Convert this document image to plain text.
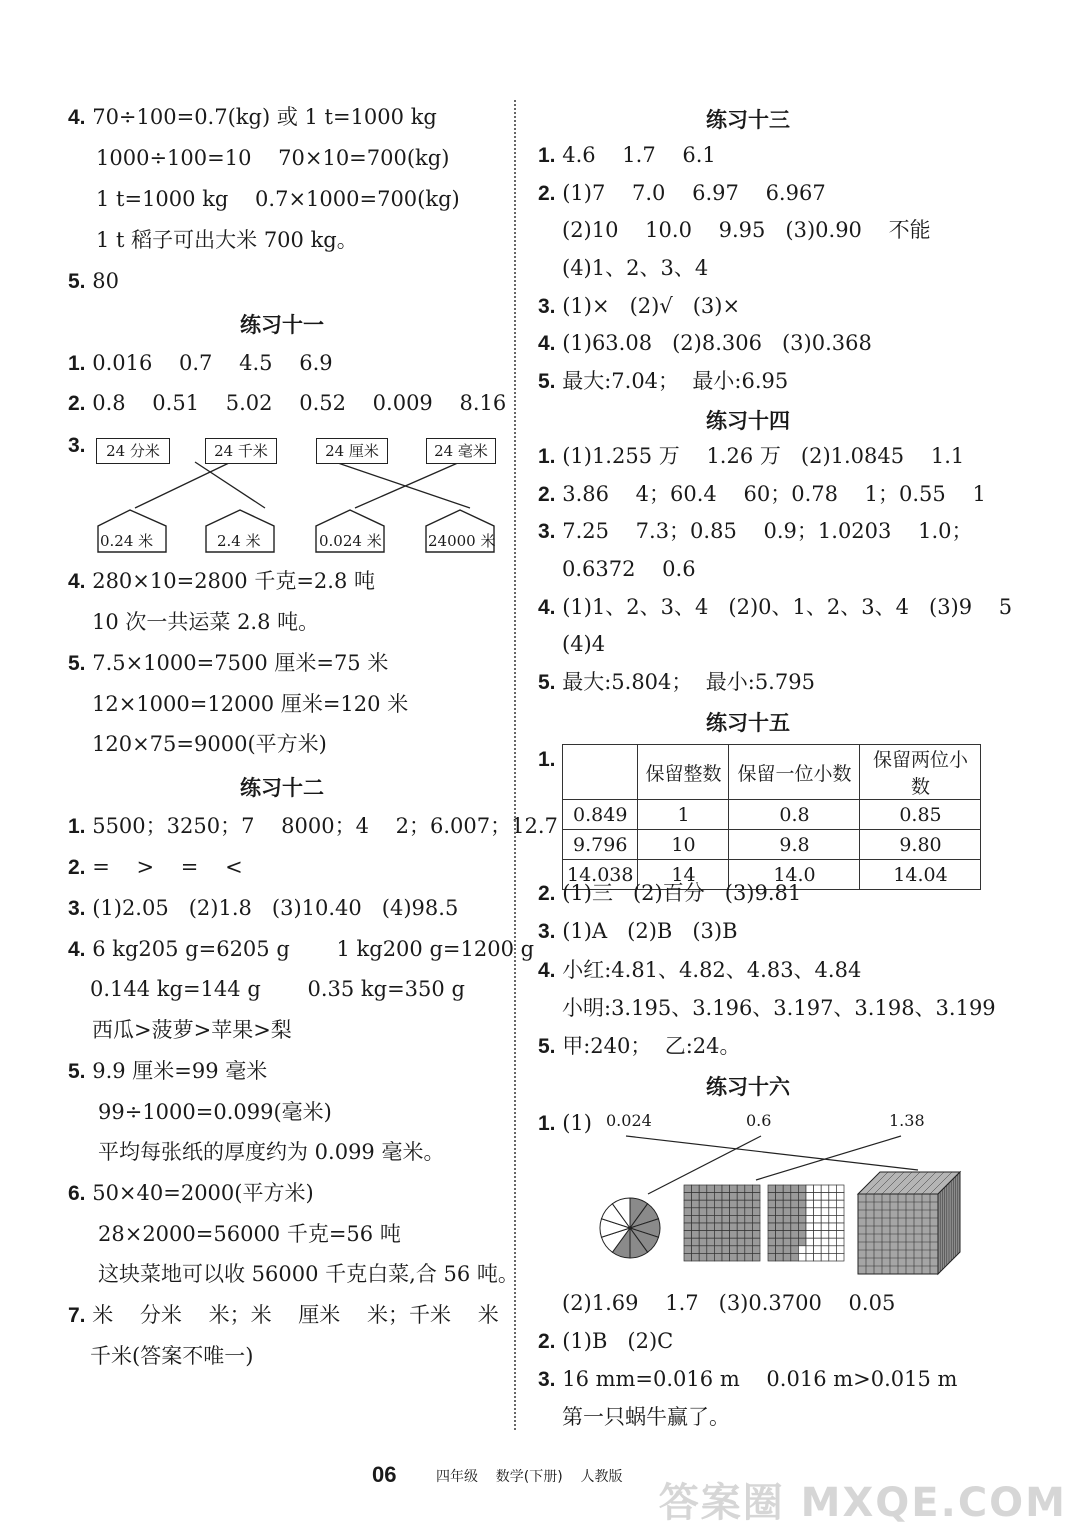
4. 70÷100=0.7(kg) 或 1 t=1000 kg
1000÷100=10    70×10=700(kg)
1 t=1000 kg    0.7×1000=700(kg)
1 t 稻子可出大米 700 kg。
5. 80
练习十一
1. 0.016    0.7    4.5    6.9
2. 0.8    0.51    5.02    0.52    0.009    8.16
3.	24 分米	24 千米	24 厘米	24 毫米
0.24 米	2.4 米	0.024 米	24000 米
4. 280×10=2800 千克=2.8 吨
10 次一共运菜 2.8 吨。
5. 7.5×1000=7500 厘米=75 米
12×1000=12000 厘米=120 米
120×75=9000(平方米)
练习十二
1. 5500；3250；7    8000；4    2；6.007；12.7
2. =    >    =    <
3. (1)2.05   (2)1.8   (3)10.40   (4)98.5
4. 6 kg205 g=6205 g       1 kg200 g=1200 g
0.144 kg=144 g       0.35 kg=350 g
西瓜>菠萝>苹果>梨
5. 9.9 厘米=99 毫米
99÷1000=0.099(毫米)
平均每张纸的厚度约为 0.099 毫米。
6. 50×40=2000(平方米)
28×2000=56000 千克=56 吨
这块菜地可以收 56000 千克白菜,合 56 吨。
7. 米    分米    米；米    厘米    米；千米    米
千米(答案不唯一)
练习十三
1. 4.6    1.7    6.1
2. (1)7    7.0    6.97    6.967
(2)10    10.0    9.95   (3)0.90    不能
(4)1、2、3、4
3. (1)×   (2)√   (3)×
4. (1)63.08   (2)8.306   (3)0.368
5. 最大:7.04；  最小:6.95
练习十四
1. (1)1.255 万    1.26 万   (2)1.0845    1.1
2. 3.86    4；60.4    60；0.78    1；0.55    1
3. 7.25    7.3；0.85    0.9；1.0203    1.0；
0.6372    0.6
4. (1)1、2、3、4   (2)0、1、2、3、4   (3)9    5
(4)4
5. 最大:5.804；  最小:5.795
练习十五
1.
	保留整数	保留一位小数	保留两位小数
0.849	1	0.8	0.85
9.796	10	9.8	9.80
14.038	14	14.0	14.04
2. (1)三   (2)百分   (3)9.81
3. (1)A   (2)B   (3)B
4. 小红:4.81、4.82、4.83、4.84
小明:3.195、3.196、3.197、3.198、3.199
5. 甲:240；  乙:24。
练习十六
1. (1) 0.024	0.6	1.38
(2)1.69    1.7   (3)0.3700    0.05
2. (1)B   (2)C
3. 16 mm=0.016 m    0.016 m>0.015 m
第一只蜗牛赢了。
06	四年级    数学(下册)    人教版
答案圈 MXQE.COM
